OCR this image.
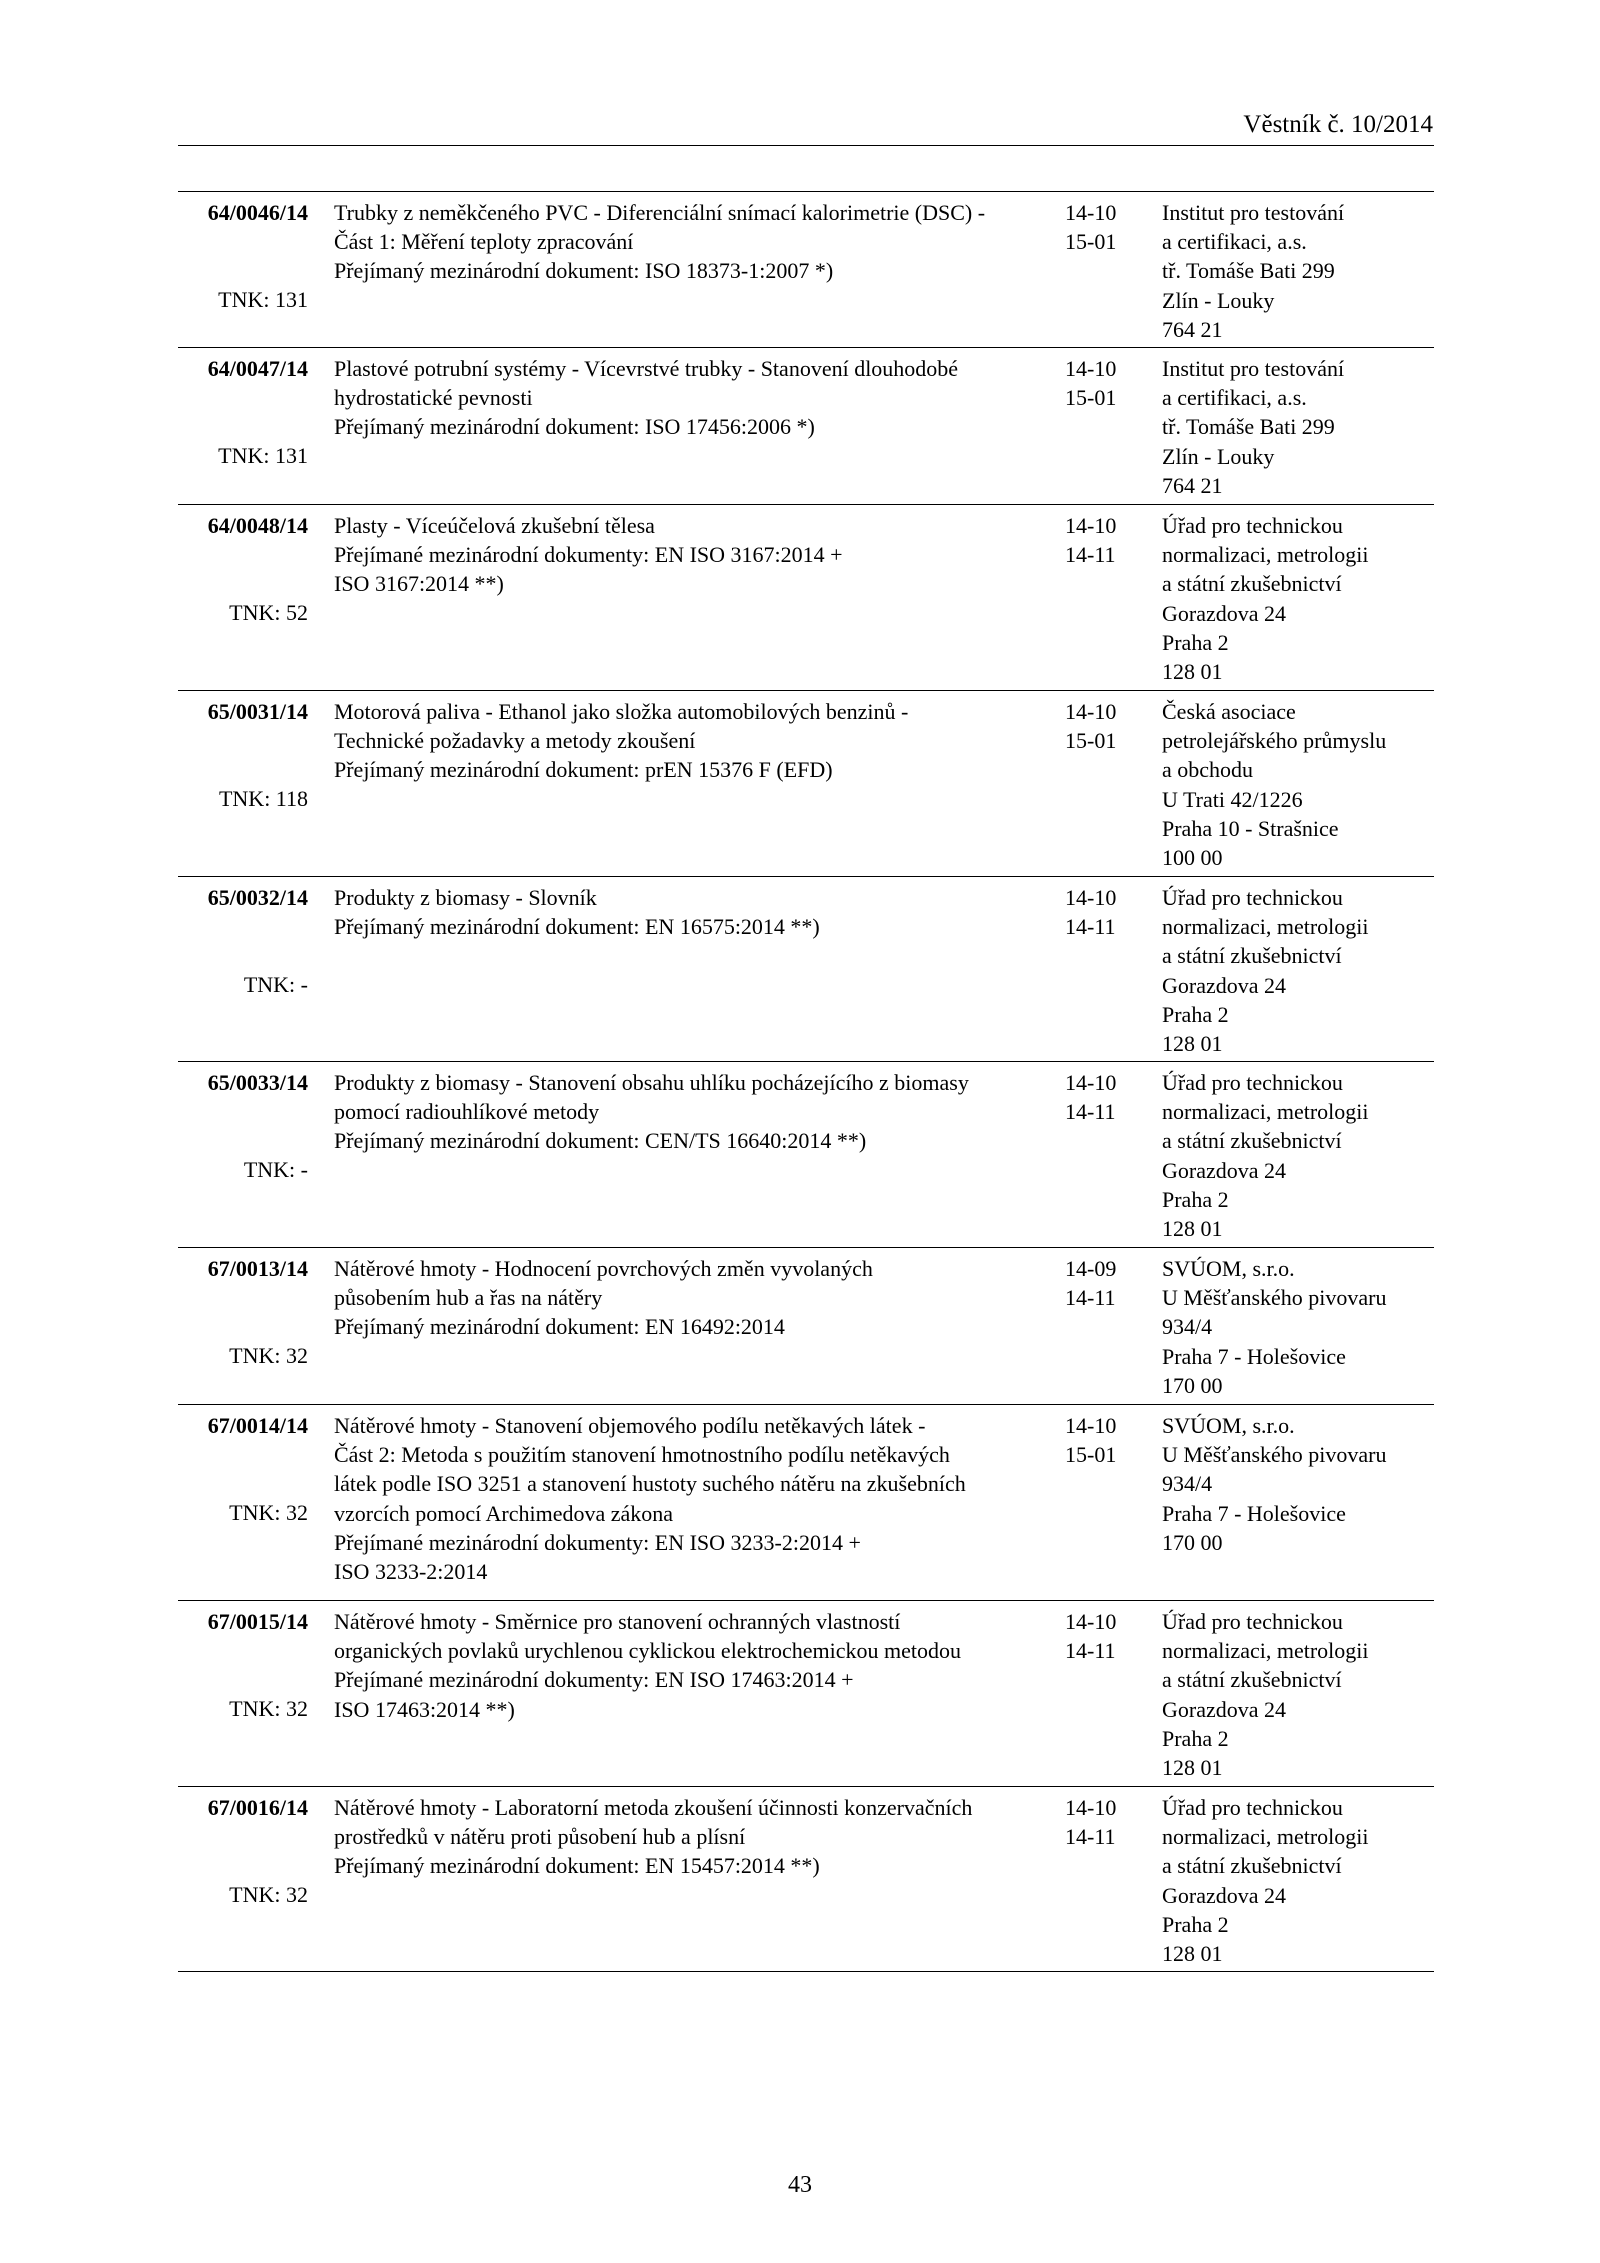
Věstník č. 10/2014
64/0046/14
TNK: 131
Trubky z neměkčeného PVC - Diferenciální snímací kalorimetrie (DSC) -
Část 1: Měření teploty zpracování
Přejímaný mezinárodní dokument: ISO 18373-1:2007 *)
14-10
15-01
Institut pro testování
a certifikaci, a.s.
tř. Tomáše Bati 299
Zlín - Louky
764 21
64/0047/14
TNK: 131
Plastové potrubní systémy - Vícevrstvé trubky - Stanovení dlouhodobé
hydrostatické pevnosti
Přejímaný mezinárodní dokument: ISO 17456:2006 *)
14-10
15-01
Institut pro testování
a certifikaci, a.s.
tř. Tomáše Bati 299
Zlín - Louky
764 21
64/0048/14
TNK: 52
Plasty - Víceúčelová zkušební tělesa
Přejímané mezinárodní dokumenty: EN ISO 3167:2014 +
ISO 3167:2014 **)
14-10
14-11
Úřad pro technickou
normalizaci, metrologii
a státní zkušebnictví
Gorazdova 24
Praha 2
128 01
65/0031/14
TNK: 118
Motorová paliva - Ethanol jako složka automobilových benzinů -
Technické požadavky a metody zkoušení
Přejímaný mezinárodní dokument: prEN 15376 F (EFD)
14-10
15-01
Česká asociace
petrolejářského průmyslu
a obchodu
U Trati 42/1226
Praha 10 - Strašnice
100 00
65/0032/14
TNK: -
Produkty z biomasy - Slovník
Přejímaný mezinárodní dokument: EN 16575:2014 **)
14-10
14-11
Úřad pro technickou
normalizaci, metrologii
a státní zkušebnictví
Gorazdova 24
Praha 2
128 01
65/0033/14
TNK: -
Produkty z biomasy - Stanovení obsahu uhlíku pocházejícího z biomasy
pomocí radiouhlíkové metody
Přejímaný mezinárodní dokument: CEN/TS 16640:2014 **)
14-10
14-11
Úřad pro technickou
normalizaci, metrologii
a státní zkušebnictví
Gorazdova 24
Praha 2
128 01
67/0013/14
TNK: 32
Nátěrové hmoty - Hodnocení povrchových změn vyvolaných
působením hub a řas na nátěry
Přejímaný mezinárodní dokument: EN 16492:2014
14-09
14-11
SVÚOM, s.r.o.
U Měšťanského pivovaru
934/4
Praha 7 - Holešovice
170 00
67/0014/14
TNK: 32
Nátěrové hmoty - Stanovení objemového podílu netěkavých látek -
Část 2: Metoda s použitím stanovení hmotnostního podílu netěkavých
látek podle ISO 3251 a stanovení hustoty suchého nátěru na zkušebních
vzorcích pomocí Archimedova zákona
Přejímané mezinárodní dokumenty: EN ISO 3233-2:2014 +
ISO 3233-2:2014
14-10
15-01
SVÚOM, s.r.o.
U Měšťanského pivovaru
934/4
Praha 7 - Holešovice
170 00
67/0015/14
TNK: 32
Nátěrové hmoty - Směrnice pro stanovení ochranných vlastností
organických povlaků urychlenou cyklickou elektrochemickou metodou
Přejímané mezinárodní dokumenty: EN ISO 17463:2014 +
ISO 17463:2014 **)
14-10
14-11
Úřad pro technickou
normalizaci, metrologii
a státní zkušebnictví
Gorazdova 24
Praha 2
128 01
67/0016/14
TNK: 32
Nátěrové hmoty - Laboratorní metoda zkoušení účinnosti konzervačních
prostředků v nátěru proti působení hub a plísní
Přejímaný mezinárodní dokument: EN 15457:2014 **)
14-10
14-11
Úřad pro technickou
normalizaci, metrologii
a státní zkušebnictví
Gorazdova 24
Praha 2
128 01
43
